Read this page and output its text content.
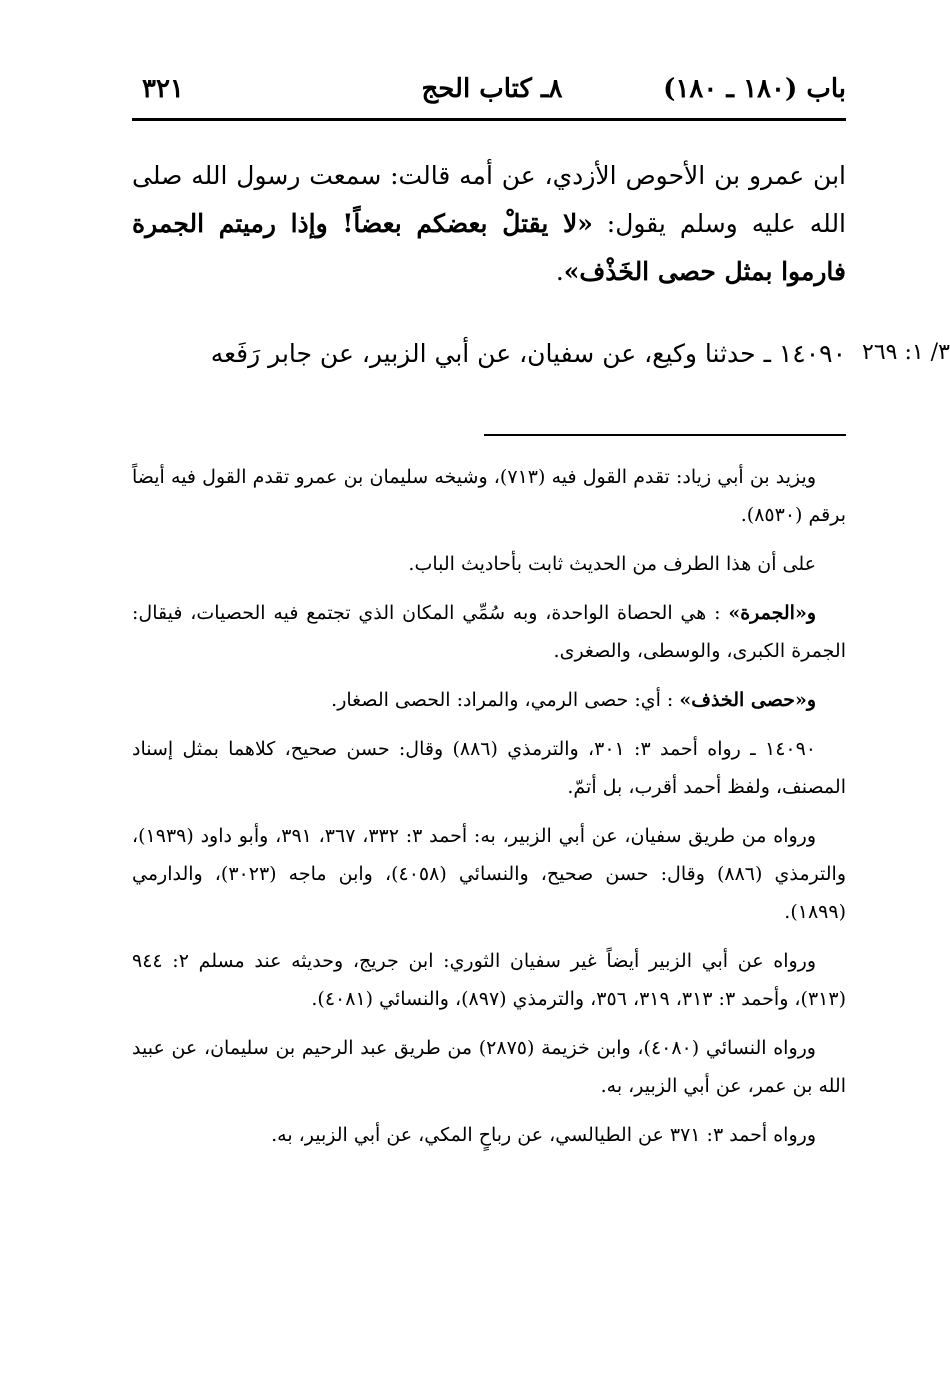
٣٢١	٨ـ كتاب الحج	باب (١٨٠ ـ ١٨٠)
ابن عمرو بن الأحوص الأزدي، عن أمه قالت: سمعت رسول الله صلى الله عليه وسلم يقول: «لا يقتلْ بعضكم بعضاً! وإذا رميتم الجمرة فارموا بمثل حصى الخَذْف».
١٤٠٩٠ ـ حدثنا وكيع، عن سفيان، عن أبي الزبير، عن جابر رَفَعه ٣/ ١: ٢٦٩

ويزيد بن أبي زياد: تقدم القول فيه (٧١٣)، وشيخه سليمان بن عمرو تقدم القول فيه أيضاً برقم (٨٥٣٠).

على أن هذا الطرف من الحديث ثابت بأحاديث الباب.

و«الجمرة» : هي الحصاة الواحدة، وبه سُمِّي المكان الذي تجتمع فيه الحصيات، فيقال: الجمرة الكبرى، والوسطى، والصغرى.

و«حصى الخذف» : أي: حصى الرمي، والمراد: الحصى الصغار.

١٤٠٩٠ ـ رواه أحمد ٣: ٣٠١، والترمذي (٨٨٦) وقال: حسن صحيح، كلاهما بمثل إسناد المصنف، ولفظ أحمد أقرب، بل أتمّ.

ورواه من طريق سفيان، عن أبي الزبير، به: أحمد ٣: ٣٣٢، ٣٦٧، ٣٩١، وأبو داود (١٩٣٩)، والترمذي (٨٨٦) وقال: حسن صحيح، والنسائي (٤٠٥٨)، وابن ماجه (٣٠٢٣)، والدارمي (١٨٩٩).

ورواه عن أبي الزبير أيضاً غير سفيان الثوري: ابن جريج، وحديثه عند مسلم ٢: ٩٤٤ (٣١٣)، وأحمد ٣: ٣١٣، ٣١٩، ٣٥٦، والترمذي (٨٩٧)، والنسائي (٤٠٨١).

ورواه النسائي (٤٠٨٠)، وابن خزيمة (٢٨٧٥) من طريق عبد الرحيم بن سليمان، عن عبيد الله بن عمر، عن أبي الزبير، به.

ورواه أحمد ٣: ٣٧١ عن الطيالسي، عن رباحٍ المكي، عن أبي الزبير، به.
